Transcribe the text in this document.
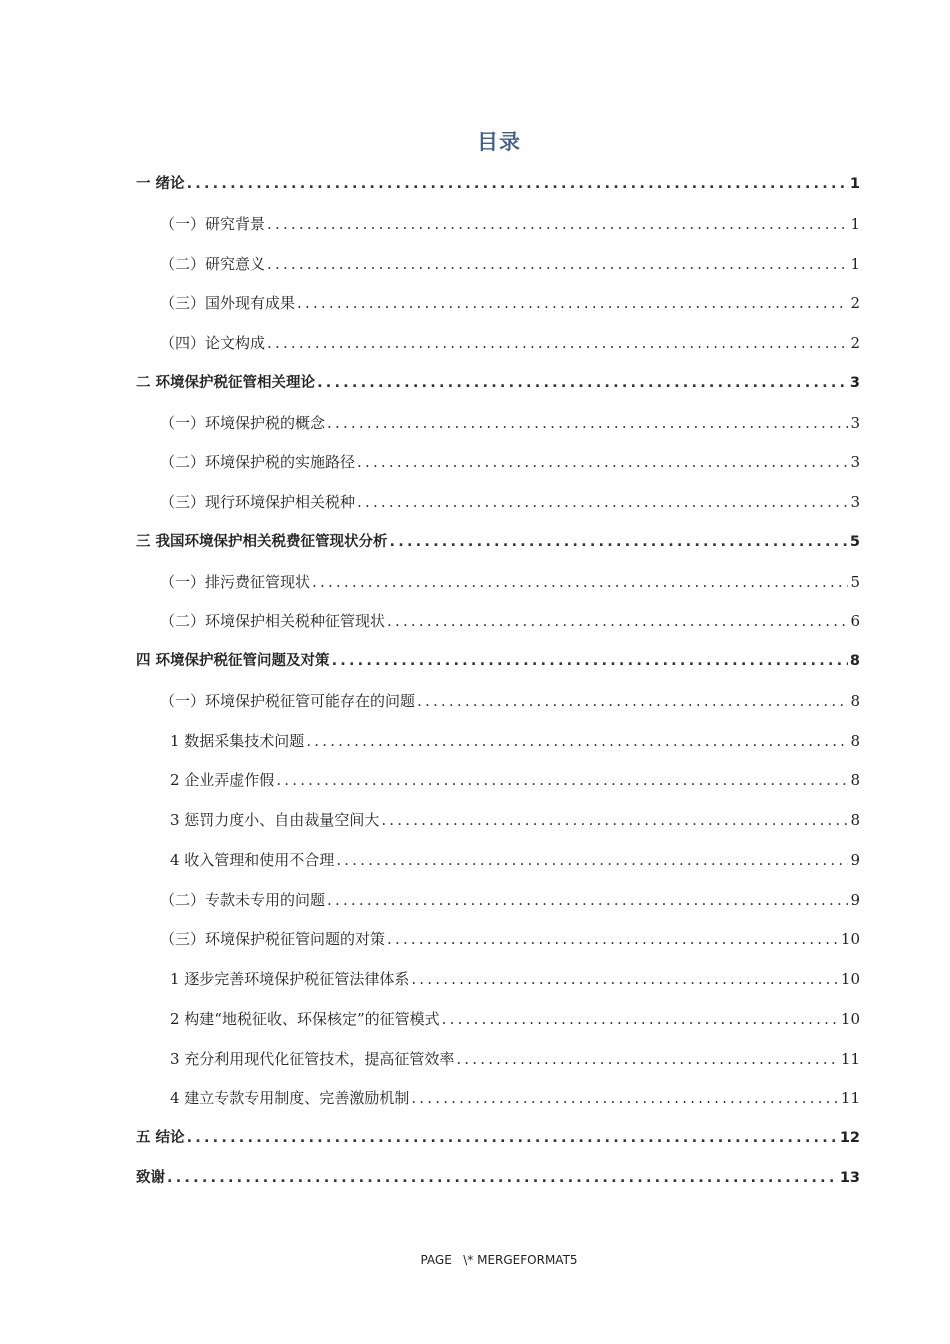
目录
一 绪论 .....	1
（一）研究背景 .....	1
（二）研究意义 .....	1
（三）国外现有成果 .....	2
（四）论文构成 .....	2
二 环境保护税征管相关理论 .....	3
（一）环境保护税的概念 .....	3
（二）环境保护税的实施路径 .....	3
（三）现行环境保护相关税种 .....	3
三 我国环境保护相关税费征管现状分析 .....	5
（一）排污费征管现状 .....	5
（二）环境保护相关税种征管现状 .....	6
四 环境保护税征管问题及对策 .....	8
（一）环境保护税征管可能存在的问题 .....	8
1 数据采集技术问题 .....	8
2 企业弄虚作假 .....	8
3 惩罚力度小、自由裁量空间大 .....	8
4 收入管理和使用不合理 .....	9
（二）专款未专用的问题 .....	9
（三）环境保护税征管问题的对策 .....	10
1 逐步完善环境保护税征管法律体系 .....	10
2 构建“地税征收、环保核定”的征管模式 .....	10
3 充分利用现代化征管技术，提高征管效率 .....	11
4 建立专款专用制度、完善激励机制 .....	11
五 结论 .....	12
致谢 .....	13
PAGE   \* MERGEFORMAT5
